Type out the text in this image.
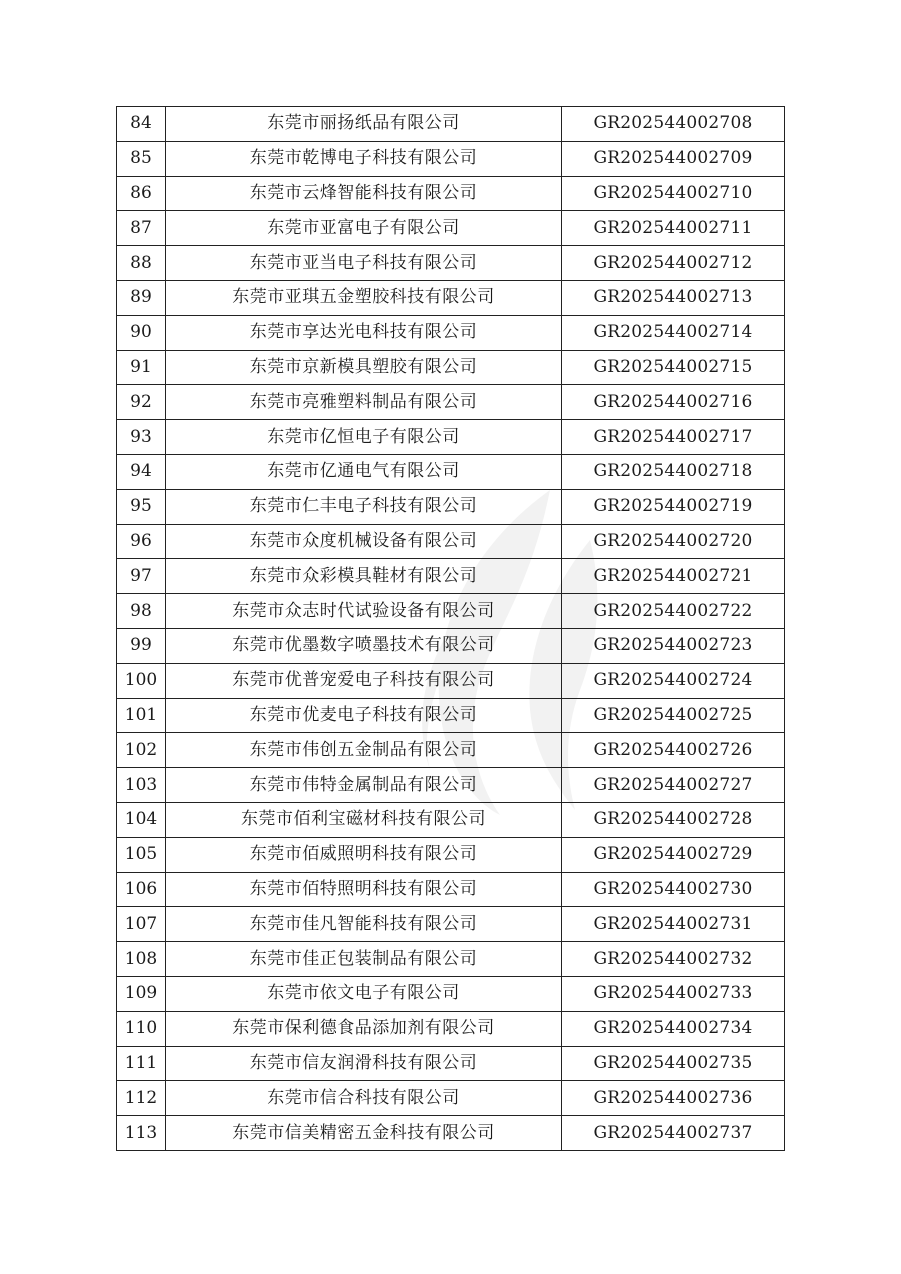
84	东莞市丽扬纸品有限公司	GR202544002708
85	东莞市乾博电子科技有限公司	GR202544002709
86	东莞市云烽智能科技有限公司	GR202544002710
87	东莞市亚富电子有限公司	GR202544002711
88	东莞市亚当电子科技有限公司	GR202544002712
89	东莞市亚琪五金塑胶科技有限公司	GR202544002713
90	东莞市享达光电科技有限公司	GR202544002714
91	东莞市京新模具塑胶有限公司	GR202544002715
92	东莞市亮雅塑料制品有限公司	GR202544002716
93	东莞市亿恒电子有限公司	GR202544002717
94	东莞市亿通电气有限公司	GR202544002718
95	东莞市仁丰电子科技有限公司	GR202544002719
96	东莞市众度机械设备有限公司	GR202544002720
97	东莞市众彩模具鞋材有限公司	GR202544002721
98	东莞市众志时代试验设备有限公司	GR202544002722
99	东莞市优墨数字喷墨技术有限公司	GR202544002723
100	东莞市优普宠爱电子科技有限公司	GR202544002724
101	东莞市优麦电子科技有限公司	GR202544002725
102	东莞市伟创五金制品有限公司	GR202544002726
103	东莞市伟特金属制品有限公司	GR202544002727
104	东莞市佰利宝磁材科技有限公司	GR202544002728
105	东莞市佰威照明科技有限公司	GR202544002729
106	东莞市佰特照明科技有限公司	GR202544002730
107	东莞市佳凡智能科技有限公司	GR202544002731
108	东莞市佳正包装制品有限公司	GR202544002732
109	东莞市依文电子有限公司	GR202544002733
110	东莞市保利德食品添加剂有限公司	GR202544002734
111	东莞市信友润滑科技有限公司	GR202544002735
112	东莞市信合科技有限公司	GR202544002736
113	东莞市信美精密五金科技有限公司	GR202544002737
